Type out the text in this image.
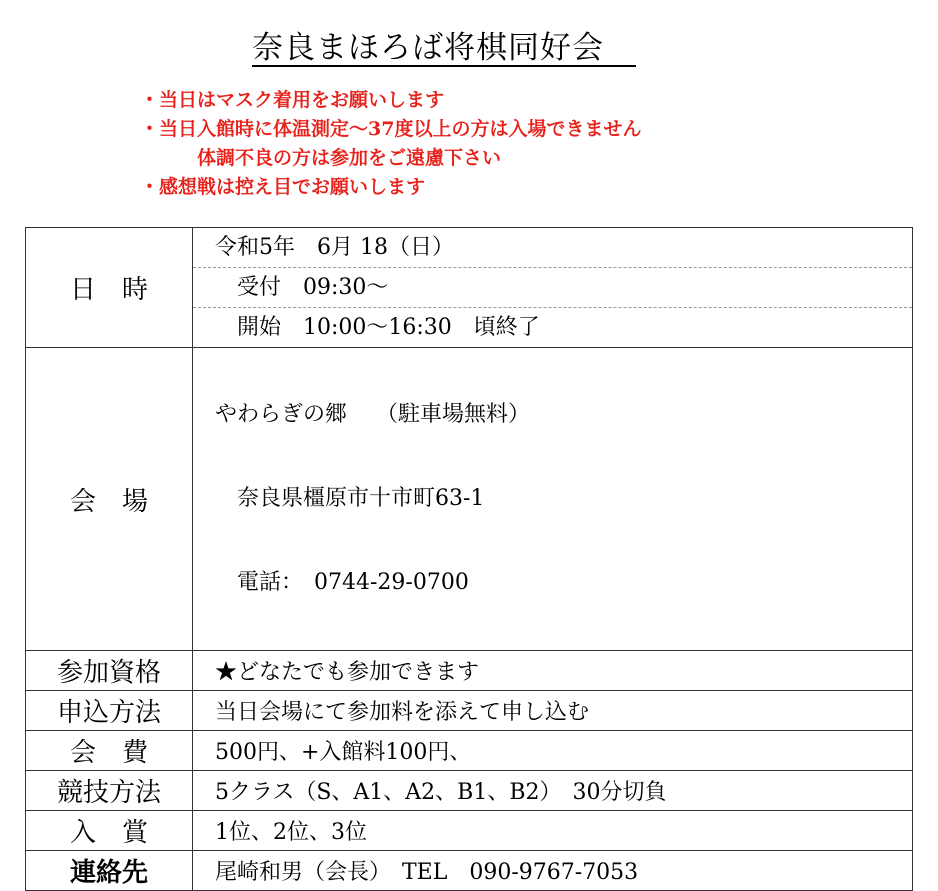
奈良まほろば将棋同好会　
・当日はマスク着用をお願いします
・当日入館時に体温測定～37度以上の方は入場できません
　　　体調不良の方は参加をご遠慮下さい
・感想戦は控え目でお願いします
日　時	令和5年　6月 18（日）
　受付　09:30～
　開始　10:00～16:30　頃終了

会　場	やわらぎの郷　 （駐車場無料）

　奈良県橿原市十市町63-1

　電話：　0744-29-0700

参加資格	★どなたでも参加できます
申込方法	当日会場にて参加料を添えて申し込む
会　費	500円、+入館料100円、
競技方法	5クラス（S、A1、A2、B1、B2）　30分切負
入　賞	1位、2位、3位
連絡先	尾崎和男（会長）　TEL　090-9767-7053
